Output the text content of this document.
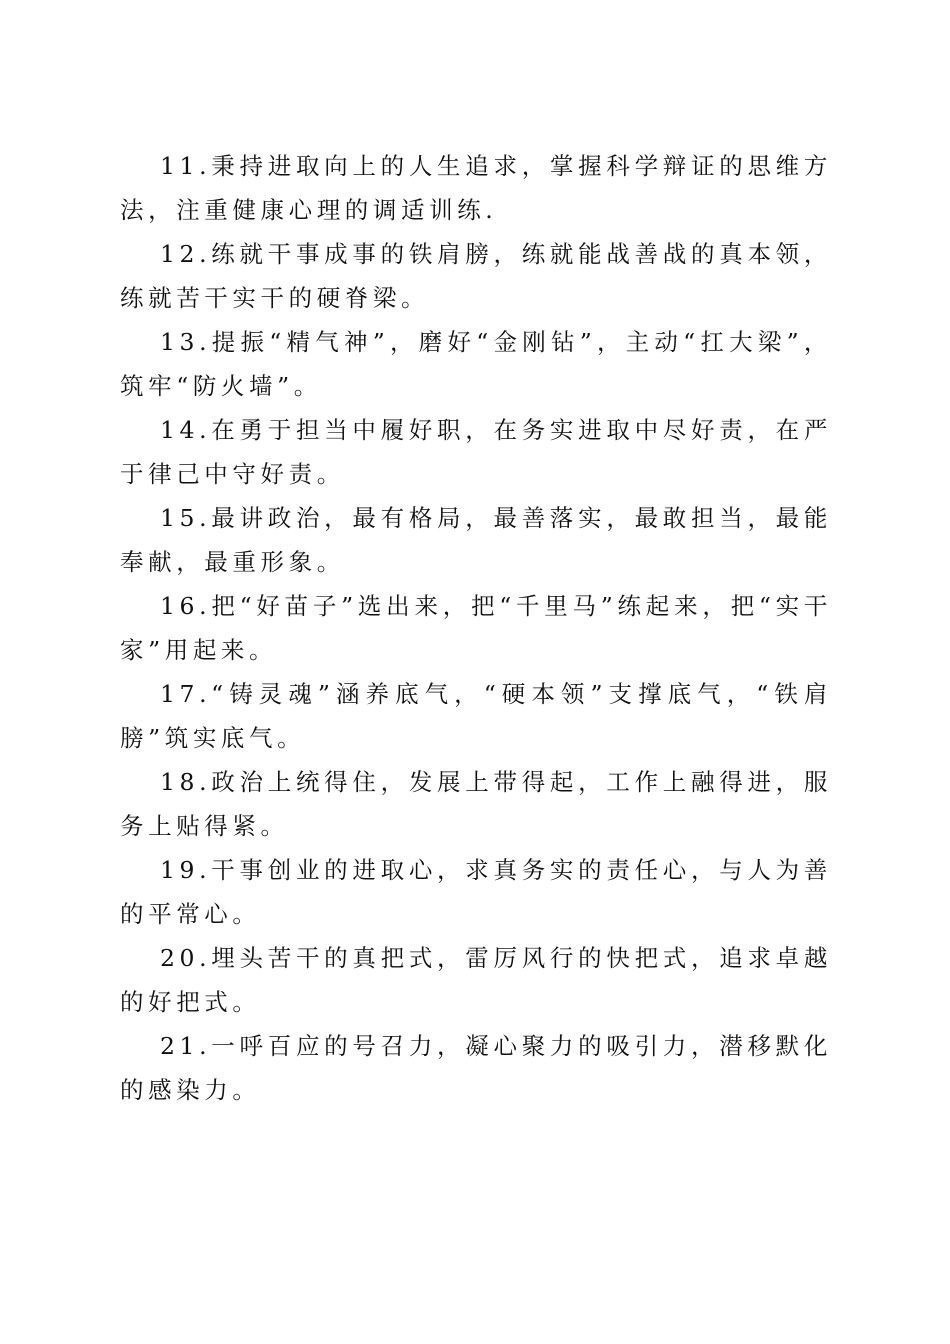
11.秉持进取向上的人生追求，掌握科学辩证的思维方法，注重健康心理的调适训练.

12.练就干事成事的铁肩膀，练就能战善战的真本领，练就苦干实干的硬脊梁。

13.提振“精气神”，磨好“金刚钻”，主动“扛大梁”，筑牢“防火墙”。

14.在勇于担当中履好职，在务实进取中尽好责，在严于律己中守好责。

15.最讲政治，最有格局，最善落实，最敢担当，最能奉献，最重形象。

16.把“好苗子”选出来，把“千里马”练起来，把“实干家”用起来。

17.“铸灵魂”涵养底气，“硬本领”支撑底气，“铁肩膀”筑实底气。

18.政治上统得住，发展上带得起，工作上融得进，服务上贴得紧。

19.干事创业的进取心，求真务实的责任心，与人为善的平常心。

20.埋头苦干的真把式，雷厉风行的快把式，追求卓越的好把式。

21.一呼百应的号召力，凝心聚力的吸引力，潜移默化的感染力。
